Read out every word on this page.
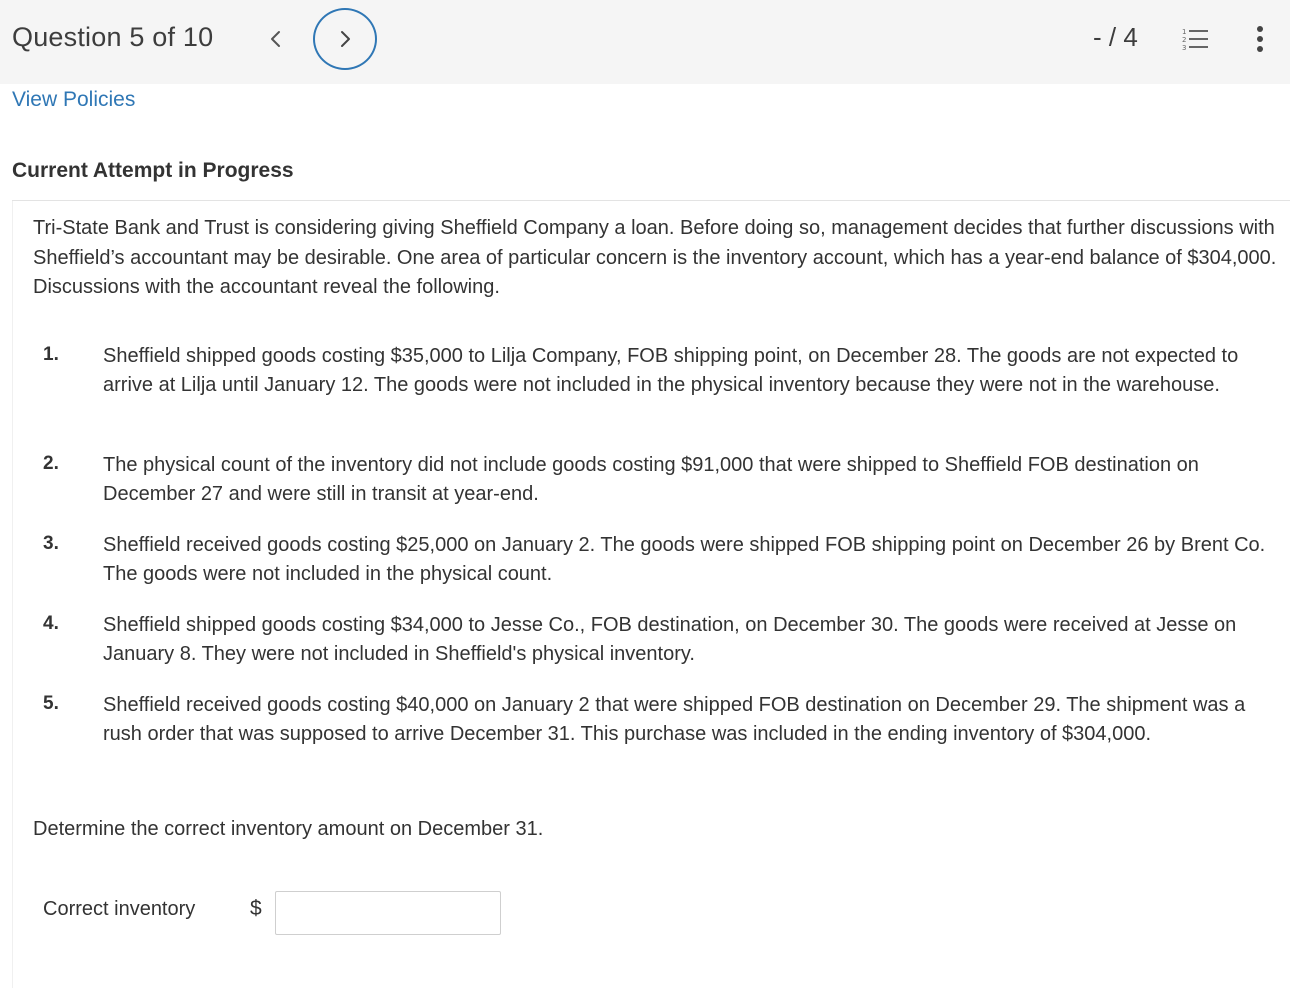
Question 5 of 10	- / 4	1
2
3
View Policies
Current Attempt in Progress

Tri-State Bank and Trust is considering giving Sheffield Company a loan. Before doing so, management decides that further discussions with Sheffield’s accountant may be desirable. One area of particular concern is the inventory account, which has a year-end balance of $304,000. Discussions with the accountant reveal the following.

1. Sheffield shipped goods costing $35,000 to Lilja Company, FOB shipping point, on December 28. The goods are not expected to arrive at Lilja until January 12. The goods were not included in the physical inventory because they were not in the warehouse.

2. The physical count of the inventory did not include goods costing $91,000 that were shipped to Sheffield FOB destination on December 27 and were still in transit at year-end.

3. Sheffield received goods costing $25,000 on January 2. The goods were shipped FOB shipping point on December 26 by Brent Co. The goods were not included in the physical count.

4. Sheffield shipped goods costing $34,000 to Jesse Co., FOB destination, on December 30. The goods were received at Jesse on January 8. They were not included in Sheffield's physical inventory.

5. Sheffield received goods costing $40,000 on January 2 that were shipped FOB destination on December 29. The shipment was a rush order that was supposed to arrive December 31. This purchase was included in the ending inventory of $304,000.

Determine the correct inventory amount on December 31.
Correct inventory	$
